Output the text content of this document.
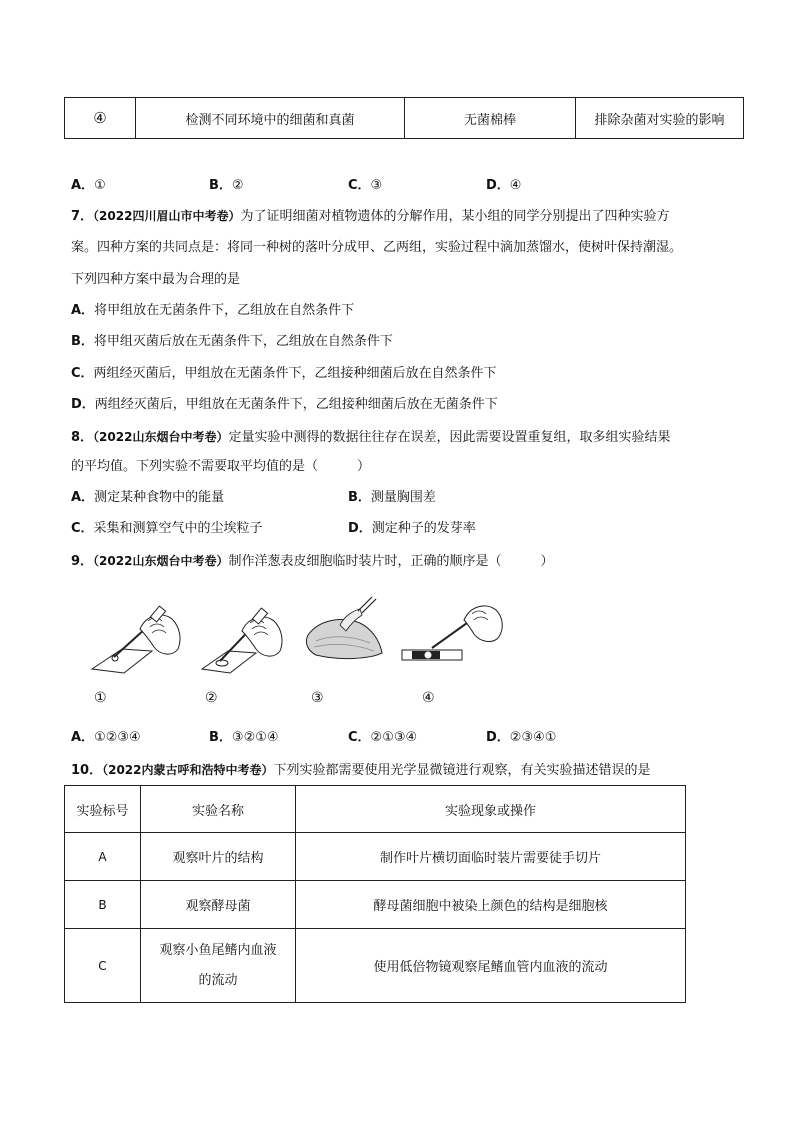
④	检测不同环境中的细菌和真菌	无菌棉棒	排除杂菌对实验的影响
A．①	B．②	C．③	D．④
7．（2022四川眉山市中考卷）为了证明细菌对植物遗体的分解作用，某小组的同学分别提出了四种实验方
案。四种方案的共同点是：将同一种树的落叶分成甲、乙两组，实验过程中滴加蒸馏水，使树叶保持潮湿。
下列四种方案中最为合理的是
A．将甲组放在无菌条件下，乙组放在自然条件下
B．将甲组灭菌后放在无菌条件下，乙组放在自然条件下
C．两组经灭菌后，甲组放在无菌条件下，乙组接种细菌后放在自然条件下
D．两组经灭菌后，甲组放在无菌条件下，乙组接种细菌后放在无菌条件下
8．（2022山东烟台中考卷）定量实验中测得的数据往往存在误差，因此需要设置重复组，取多组实验结果
的平均值。下列实验不需要取平均值的是（　　　）
A．测定某种食物中的能量	B．测量胸围差
C．采集和测算空气中的尘埃粒子	D．测定种子的发芽率
9．（2022山东烟台中考卷）制作洋葱表皮细胞临时装片时，正确的顺序是（　　　）
①	②	③	④
A．①②③④	B．③②①④	C．②①③④	D．②③④①
10．（2022内蒙古呼和浩特中考卷）下列实验都需要使用光学显微镜进行观察，有关实验描述错误的是
实验标号	实验名称	实验现象或操作
A	观察叶片的结构	制作叶片横切面临时装片需要徒手切片
B	观察酵母菌	酵母菌细胞中被染上颜色的结构是细胞核
C	观察小鱼尾鳍内血液
的流动	使用低倍物镜观察尾鳍血管内血液的流动
